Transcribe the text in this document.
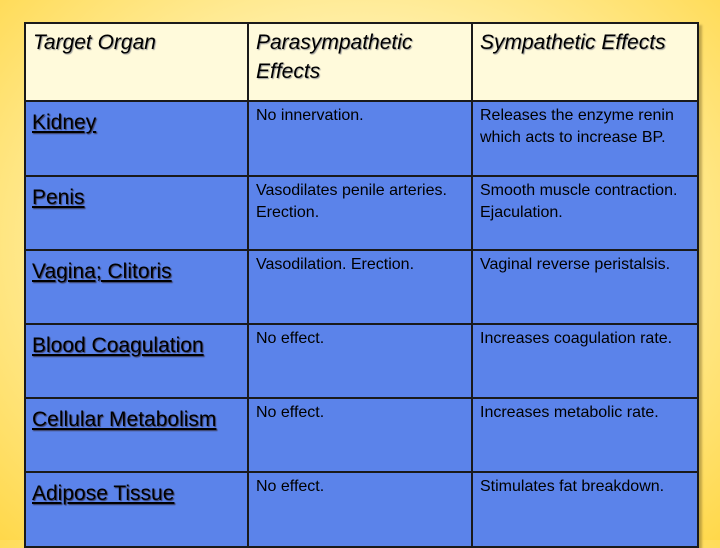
Target Organ	Parasympathetic Effects	Sympathetic Effects
Kidney	No innervation.	Releases the enzyme renin which acts to increase BP.
Penis	Vasodilates penile arteries. Erection.	Smooth muscle contraction. Ejaculation.
Vagina; Clitoris	Vasodilation. Erection.	Vaginal reverse peristalsis.
Blood Coagulation	No effect.	Increases coagulation rate.
Cellular Metabolism	No effect.	Increases metabolic rate.
Adipose Tissue	No effect.	Stimulates fat breakdown.
